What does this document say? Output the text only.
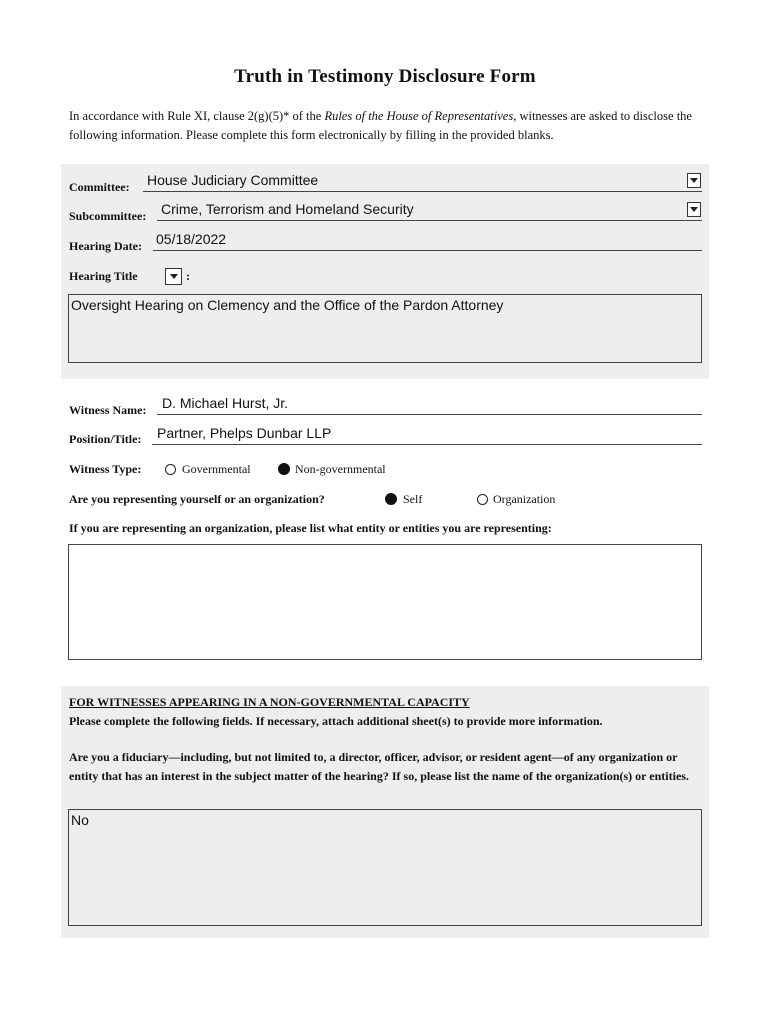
Truth in Testimony Disclosure Form
In accordance with Rule XI, clause 2(g)(5)* of the Rules of the House of Representatives, witnesses are asked to disclose the following information. Please complete this form electronically by filling in the provided blanks.
Committee: House Judiciary Committee
Subcommittee: Crime, Terrorism and Homeland Security
Hearing Date: 05/18/2022
Hearing Title	:
Oversight Hearing on Clemency and the Office of the Pardon Attorney
Witness Name: D. Michael Hurst, Jr.
Position/Title: Partner, Phelps Dunbar LLP
Witness Type:	Governmental	Non-governmental
Are you representing yourself or an organization?	Self	Organization
If you are representing an organization, please list what entity or entities you are representing:
FOR WITNESSES APPEARING IN A NON-GOVERNMENTAL CAPACITY
Please complete the following fields. If necessary, attach additional sheet(s) to provide more information.
Are you a fiduciary—including, but not limited to, a director, officer, advisor, or resident agent—of any organization or entity that has an interest in the subject matter of the hearing? If so, please list the name of the organization(s) or entities.
No
